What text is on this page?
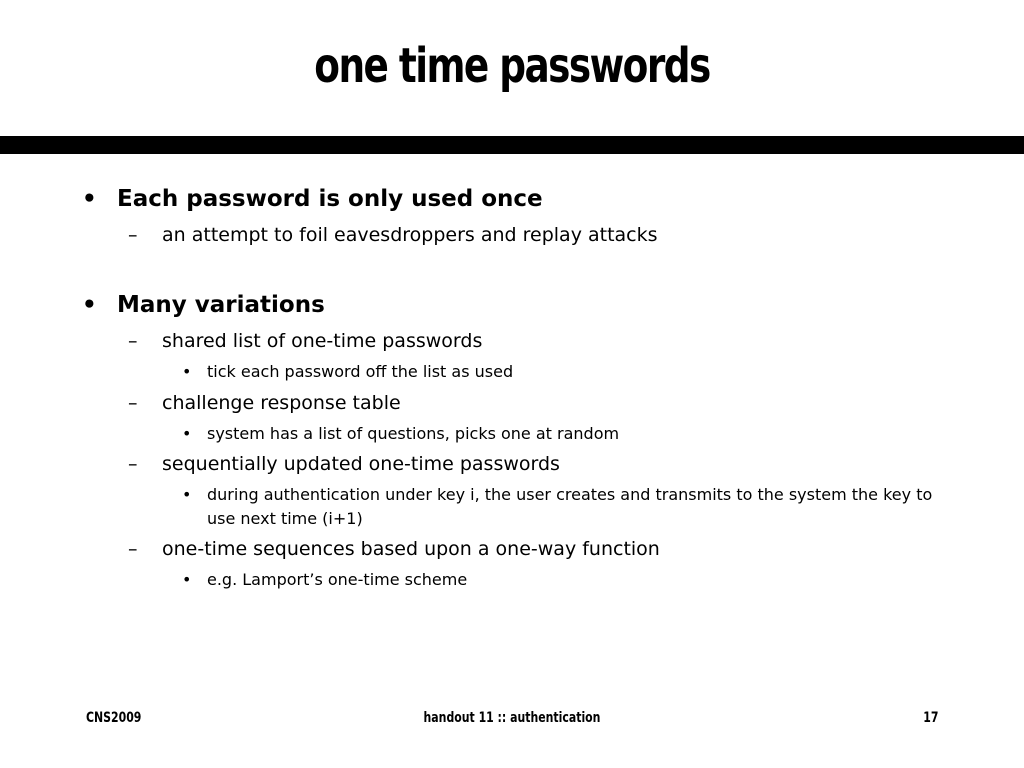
one time passwords
• Each password is only used once
– an attempt to foil eavesdroppers and replay attacks
• Many variations
– shared list of one-time passwords
• tick each password off the list as used
– challenge response table
• system has a list of questions, picks one at random
– sequentially updated one-time passwords
• during authentication under key i, the user creates and transmits to the system the key to use next time (i+1)
– one-time sequences based upon a one-way function
• e.g. Lamport’s one-time scheme
CNS2009	handout 11 :: authentication	17
